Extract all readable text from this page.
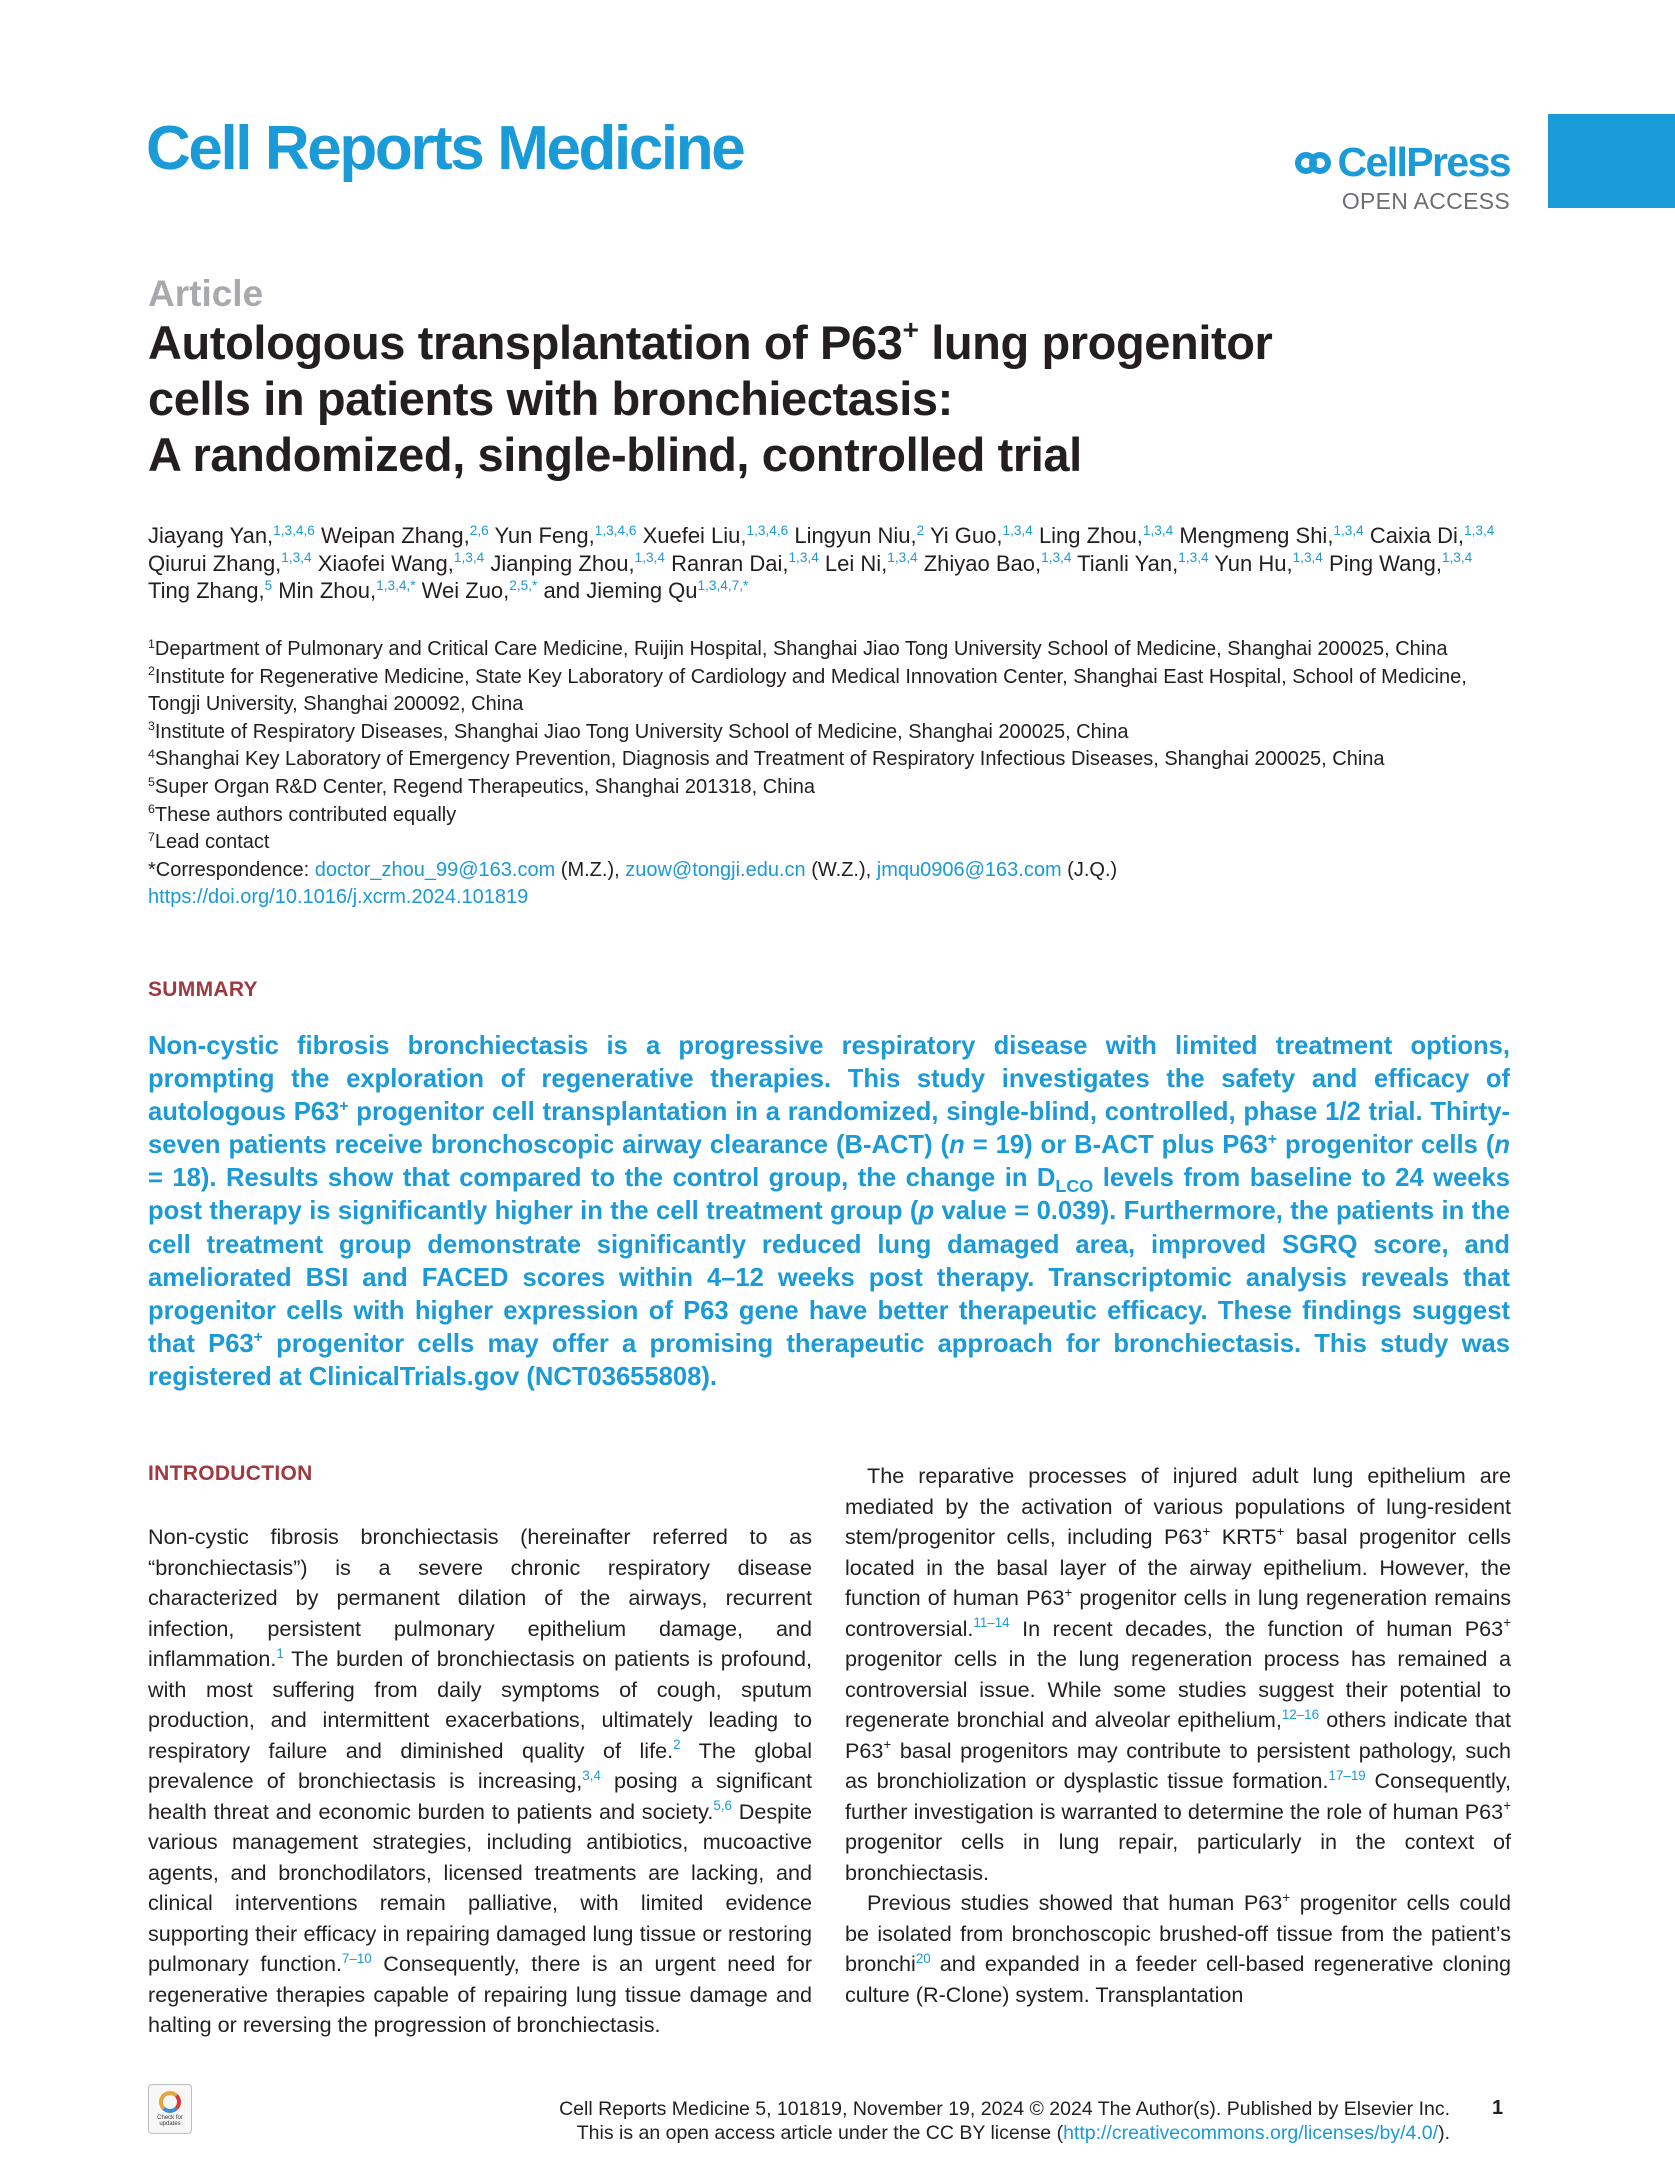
Cell Reports Medicine	CellPress
OPEN ACCESS
Article
Autologous transplantation of P63+ lung progenitor
cells in patients with bronchiectasis:
A randomized, single-blind, controlled trial
Jiayang Yan,$^{1,3,4,6}$ Weipan Zhang,$^{2,6}$ Yun Feng,$^{1,3,4,6}$ Xuefei Liu,$^{1,3,4,6}$ Lingyun Niu,$^2$ Yi Guo,$^{1,3,4}$ Ling Zhou,$^{1,3,4}$ Mengmeng Shi,$^{1,3,4}$ Caixia Di,$^{1,3,4}$ Qiurui Zhang,$^{1,3,4}$ Xiaofei Wang,$^{1,3,4}$ Jianping Zhou,$^{1,3,4}$ Ranran Dai,$^{1,3,4}$ Lei Ni,$^{1,3,4}$ Zhiyao Bao,$^{1,3,4}$ Tianli Yan,$^{1,3,4}$ Yun Hu,$^{1,3,4}$ Ping Wang,$^{1,3,4}$ Ting Zhang,$^5$ Min Zhou,$^{1,3,4,*}$ Wei Zuo,$^{2,5,*}$ and Jieming $Qu^{1,3,4,7,*}$
$^1$Department of Pulmonary and Critical Care Medicine, Ruijin Hospital, Shanghai Jiao Tong University School of Medicine, Shanghai 200025, China
$^2$Institute for Regenerative Medicine, State Key Laboratory of Cardiology and Medical Innovation Center, Shanghai East Hospital, School of Medicine, Tongji University, Shanghai 200092, China
$^3$Institute of Respiratory Diseases, Shanghai Jiao Tong University School of Medicine, Shanghai 200025, China
$^4$Shanghai Key Laboratory of Emergency Prevention, Diagnosis and Treatment of Respiratory Infectious Diseases, Shanghai 200025, China
$^5$Super Organ R&D Center, Regend Therapeutics, Shanghai 201318, China
$^6$These authors contributed equally
$^7$Lead contact
*Correspondence: doctor_zhou_99@163.com (M.Z.), zuow@tongji.edu.cn (W.Z.), jmqu0906@163.com (J.Q.)
https://doi.org/10.1016/j.xcrm.2024.101819
SUMMARY
Non-cystic fibrosis bronchiectasis is a progressive respiratory disease with limited treatment options, prompting the exploration of regenerative therapies. This study investigates the safety and efficacy of autologous P63+ progenitor cell transplantation in a randomized, single-blind, controlled, phase 1/2 trial. Thirty-seven patients receive bronchoscopic airway clearance (B-ACT) (n = 19) or B-ACT plus P63+ progenitor cells (n = 18). Results show that compared to the control group, the change in $D_{LCO}$ levels from baseline to 24 weeks post therapy is significantly higher in the cell treatment group (p value = 0.039). Furthermore, the patients in the cell treatment group demonstrate significantly reduced lung damaged area, improved SGRQ score, and ameliorated BSI and FACED scores within 4–12 weeks post therapy. Transcriptomic analysis reveals that progenitor cells with higher expression of P63 gene have better therapeutic efficacy. These findings suggest that P63+ progenitor cells may offer a promising therapeutic approach for bronchiectasis. This study was registered at ClinicalTrials.gov (NCT03655808).
INTRODUCTION

Non-cystic fibrosis bronchiectasis (hereinafter referred to as “bronchiectasis”) is a severe chronic respiratory disease characterized by permanent dilation of the airways, recurrent infection, persistent pulmonary epithelium damage, and inflammation.$^1$ The burden of bronchiectasis on patients is profound, with most suffering from daily symptoms of cough, sputum production, and intermittent exacerbations, ultimately leading to respiratory failure and diminished quality of life.$^2$ The global prevalence of bronchiectasis is increasing,$^{3,4}$ posing a significant health threat and economic burden to patients and society.$^{5,6}$ Despite various management strategies, including antibiotics, mucoactive agents, and bronchodilators, licensed treatments are lacking, and clinical interventions remain palliative, with limited evidence supporting their efficacy in repairing damaged lung tissue or restoring pulmonary function.$^{7-10}$ Consequently, there is an urgent need for regenerative therapies capable of repairing lung tissue damage and halting or reversing the progression of bronchiectasis.

The reparative processes of injured adult lung epithelium are mediated by the activation of various populations of lung-resident stem/progenitor cells, including P63+ KRT5+ basal progenitor cells located in the basal layer of the airway epithelium. However, the function of human P63+ progenitor cells in lung regeneration remains controversial.$^{11-14}$ In recent decades, the function of human P63+ progenitor cells in the lung regeneration process has remained a controversial issue. While some studies suggest their potential to regenerate bronchial and alveolar epithelium,$^{12-16}$ others indicate that P63+ basal progenitors may contribute to persistent pathology, such as bronchiolization or dysplastic tissue formation.$^{17-19}$ Consequently, further investigation is warranted to determine the role of human P63+ progenitor cells in lung repair, particularly in the context of bronchiectasis.

Previous studies showed that human P63+ progenitor cells could be isolated from bronchoscopic brushed-off tissue from the patient’s bronchi$^{20}$ and expanded in a feeder cell-based regenerative cloning culture (R-Clone) system. Transplantation

Check for updates
Cell Reports Medicine 5, 101819, November 19, 2024 © 2024 The Author(s). Published by Elsevier Inc.
This is an open access article under the CC BY license (http://creativecommons.org/licenses/by/4.0/).
1
